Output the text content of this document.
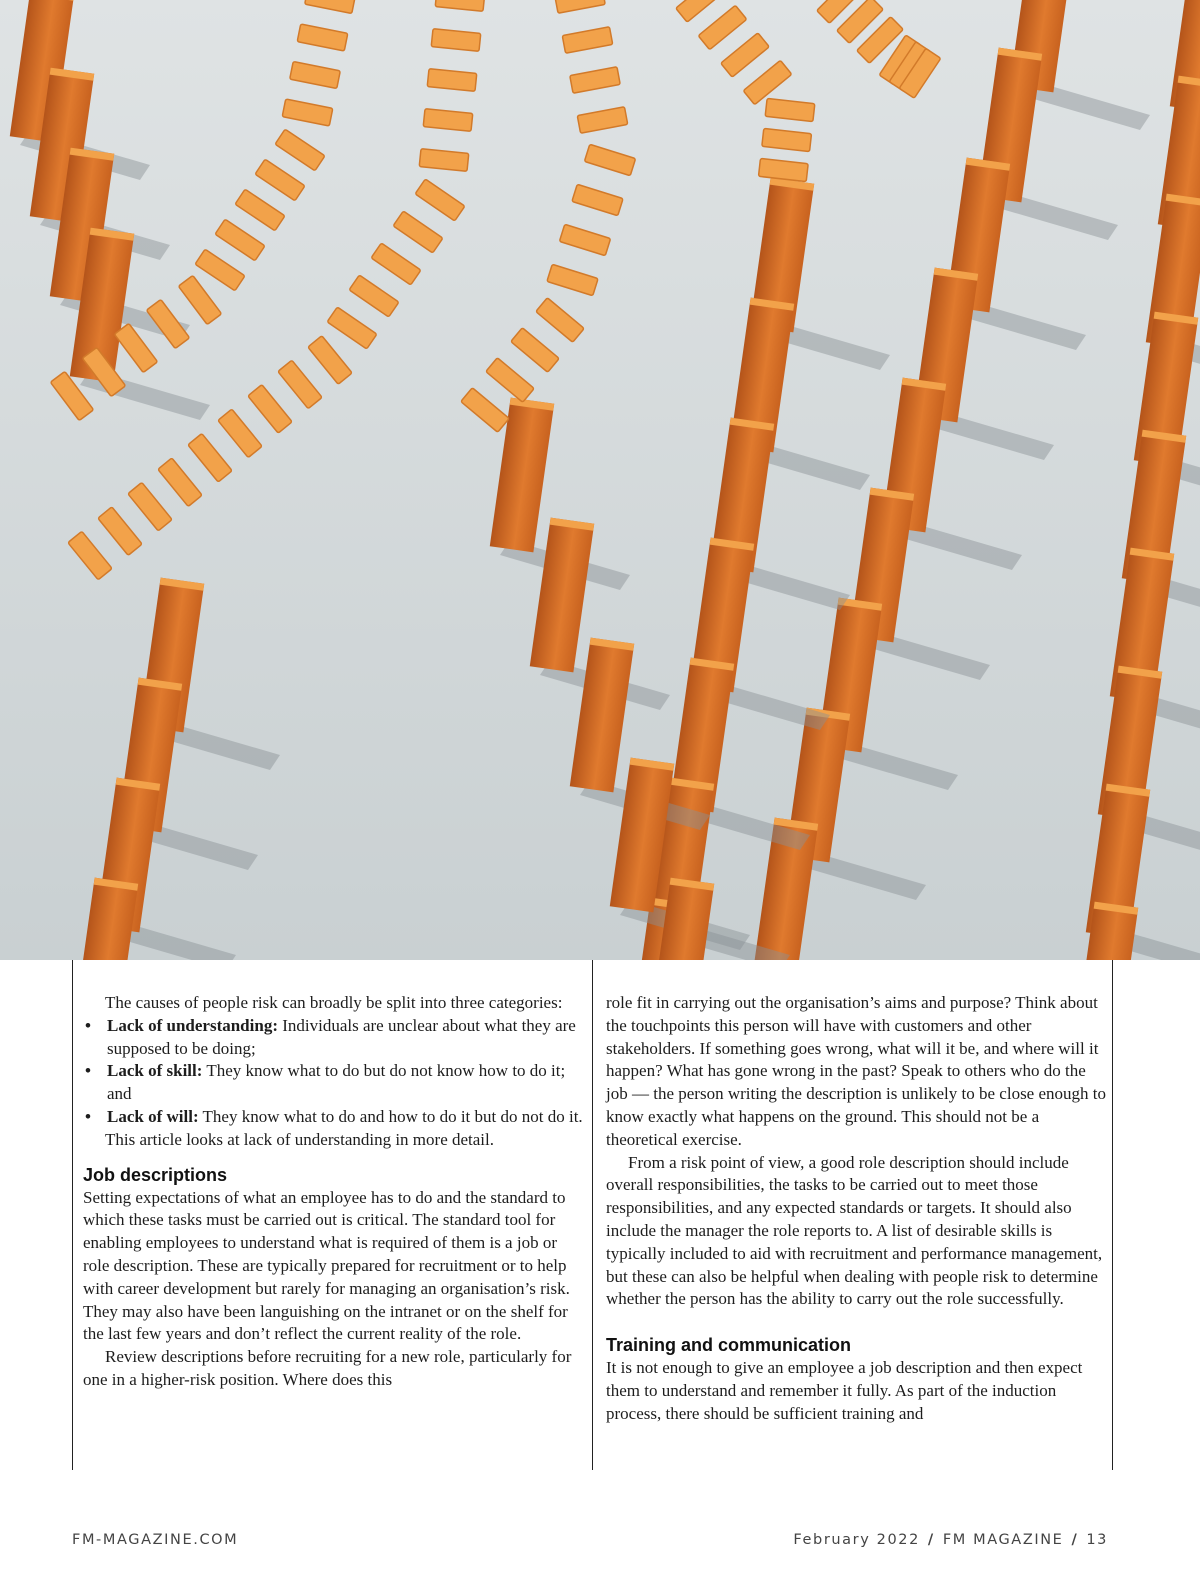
The causes of people risk can broadly be split into three categories:

• Lack of understanding: Individuals are unclear about what they are supposed to be doing;
• Lack of skill: They know what to do but do not know how to do it; and
• Lack of will: They know what to do and how to do it but do not do it.

This article looks at lack of understanding in more detail.

Job descriptions

Setting expectations of what an employee has to do and the standard to which these tasks must be carried out is critical. The standard tool for enabling employees to understand what is required of them is a job or role description. These are typically prepared for recruitment or to help with career development but rarely for managing an organisation’s risk. They may also have been languishing on the intranet or on the shelf for the last few years and don’t reflect the current reality of the role.

Review descriptions before recruiting for a new role, particularly for one in a higher-risk position. Where does this

role fit in carrying out the organisation’s aims and purpose? Think about the touchpoints this person will have with customers and other stakeholders. If something goes wrong, what will it be, and where will it happen? What has gone wrong in the past? Speak to others who do the job — the person writing the description is unlikely to be close enough to know exactly what happens on the ground. This should not be a theoretical exercise.

From a risk point of view, a good role description should include overall responsibilities, the tasks to be carried out to meet those responsibilities, and any expected standards or targets. It should also include the manager the role reports to. A list of desirable skills is typically included to aid with recruitment and performance management, but these can also be helpful when dealing with people risk to determine whether the person has the ability to carry out the role successfully.

Training and communication

It is not enough to give an employee a job description and then expect them to understand and remember it fully. As part of the induction process, there should be sufficient training and

FM-MAGAZINE.COM	February 2022 / FM MAGAZINE / 13
